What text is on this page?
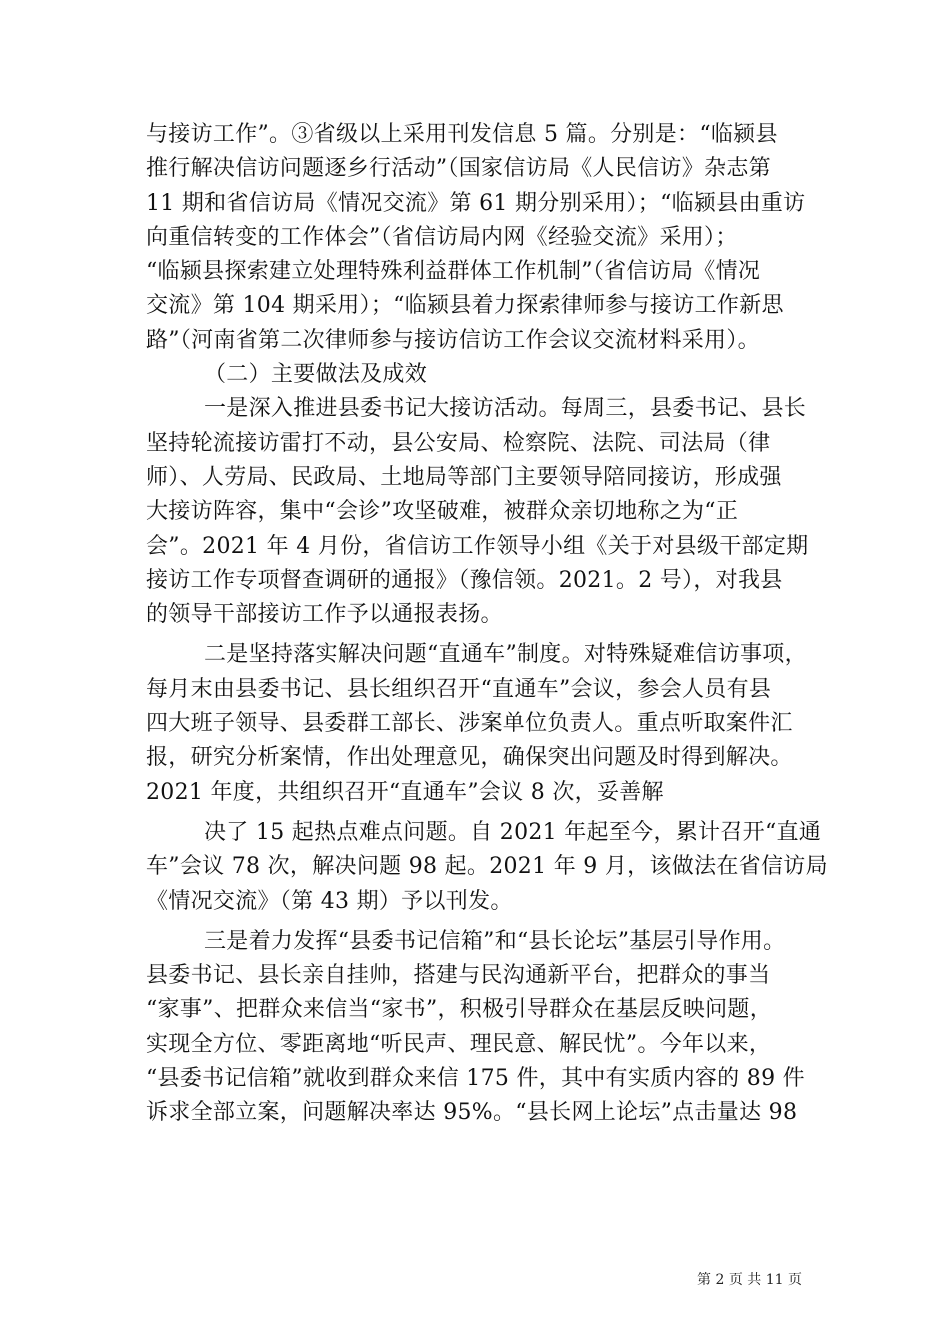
与接访工作”。③省级以上采用刊发信息 5 篇。分别是：“临颍县
推行解决信访问题逐乡行活动”（国家信访局《人民信访》杂志第
11 期和省信访局《情况交流》第 61 期分别采用）；“临颍县由重访
向重信转变的工作体会”（省信访局内网《经验交流》采用）；
“临颍县探索建立处理特殊利益群体工作机制”（省信访局《情况
交流》第 104 期采用）；“临颍县着力探索律师参与接访工作新思
路”（河南省第二次律师参与接访信访工作会议交流材料采用）。
（二）主要做法及成效
一是深入推进县委书记大接访活动。每周三，县委书记、县长
坚持轮流接访雷打不动，县公安局、检察院、法院、司法局（律
师）、人劳局、民政局、土地局等部门主要领导陪同接访，形成强
大接访阵容，集中“会诊”攻坚破难，被群众亲切地称之为“正
会”。2021 年 4 月份，省信访工作领导小组《关于对县级干部定期
接访工作专项督查调研的通报》（豫信领。2021。2 号），对我县
的领导干部接访工作予以通报表扬。
二是坚持落实解决问题“直通车”制度。对特殊疑难信访事项，
每月末由县委书记、县长组织召开“直通车”会议，参会人员有县
四大班子领导、县委群工部长、涉案单位负责人。重点听取案件汇
报，研究分析案情，作出处理意见，确保突出问题及时得到解决。
2021 年度，共组织召开“直通车”会议 8 次，妥善解
决了 15 起热点难点问题。自 2021 年起至今，累计召开“直通
车”会议 78 次，解决问题 98 起。2021 年 9 月，该做法在省信访局
《情况交流》（第 43 期）予以刊发。
三是着力发挥“县委书记信箱”和“县长论坛”基层引导作用。
县委书记、县长亲自挂帅，搭建与民沟通新平台，把群众的事当
“家事”、把群众来信当“家书”，积极引导群众在基层反映问题，
实现全方位、零距离地“听民声、理民意、解民忧”。今年以来，
“县委书记信箱”就收到群众来信 175 件，其中有实质内容的 89 件
诉求全部立案，问题解决率达 95%。“县长网上论坛”点击量达 98
第 2 页 共 11 页
